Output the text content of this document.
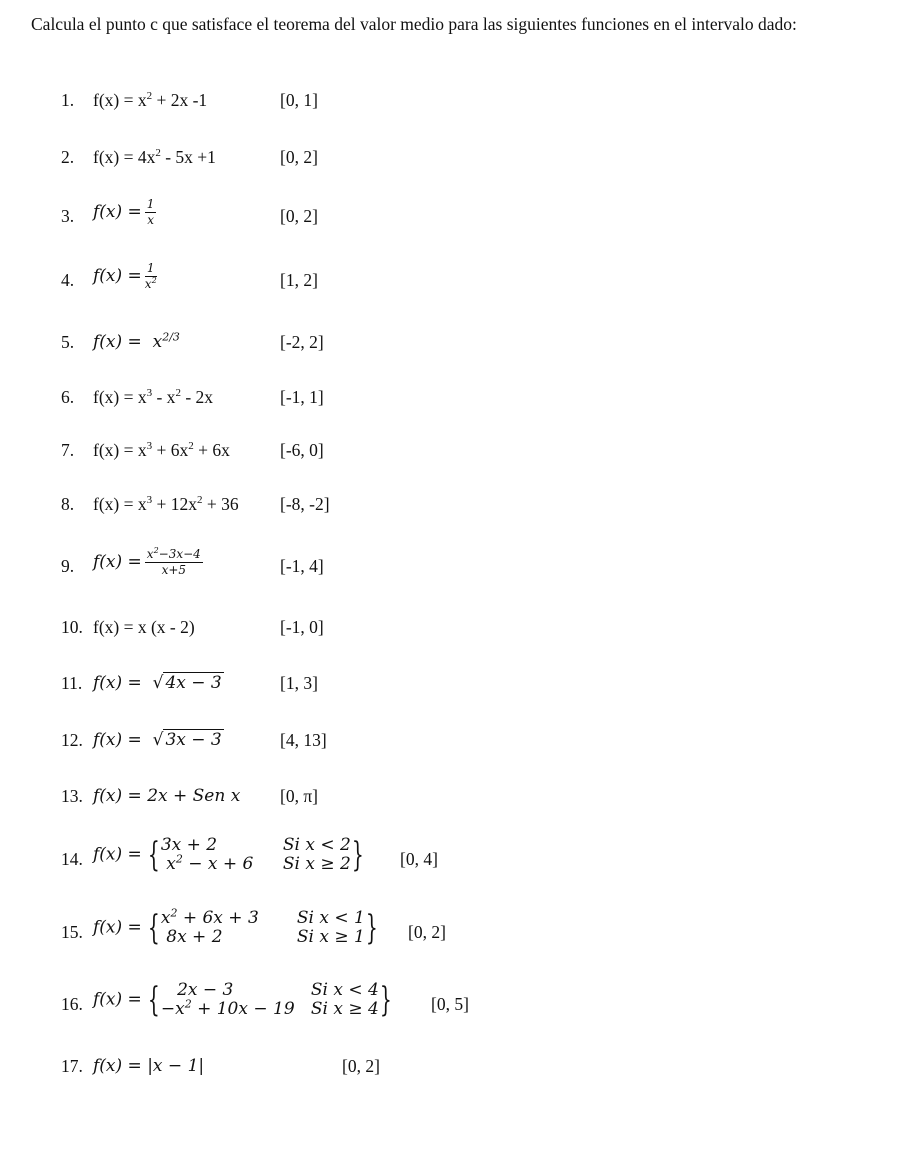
Calcula el punto c que satisface el teorema del valor medio para las siguientes funciones en el intervalo dado:
1. $f(x) = x^2 + 2x$ -1	[0, 1]
2. $f(x) = 4x^2 - 5x +1$	[0, 2]
3. $f(x) = \frac{1}{x}$	[0, 2]
4. $f(x) = \frac{1}{x^2}$	[1, 2]
5. $f(x) = x^{2/3}$	[-2, 2]
6. $f(x) = x^3 - x^2 - 2x$	[-1, 1]
7. $f(x) = x^3 + 6x^2 + 6x$	[-6, 0]
8. $f(x) = x^3 + 12x^2 + 36$ [-8, -2]
9. $f(x) = \frac{x^2-3x-4}{x+5}$	[-1, 4]
10. f(x) = x (x - 2)	[-1, 0]
11. f(x) = √ 4x − 3	[1, 3]
12. f(x) = √ 3x − 3	[4, 13]
13. f(x) = 2x + Sen x [0, π]
14. f(x) = { 3x + 2	Si x < 2
$x^2 - x + 6$ Si x ≥ 2 } [0, 4]
15. f(x) = { $x^2 + 6x + 3$ Si x < 1
8x + 2	Si x ≥ 1 } [0, 2]
16. f(x) = {	2x − 3	Si x < 4
$-x^2 + 10x - 19$ Si x ≥ 4 } [0, 5]
17. f(x) = |x − 1|	[0, 2]
